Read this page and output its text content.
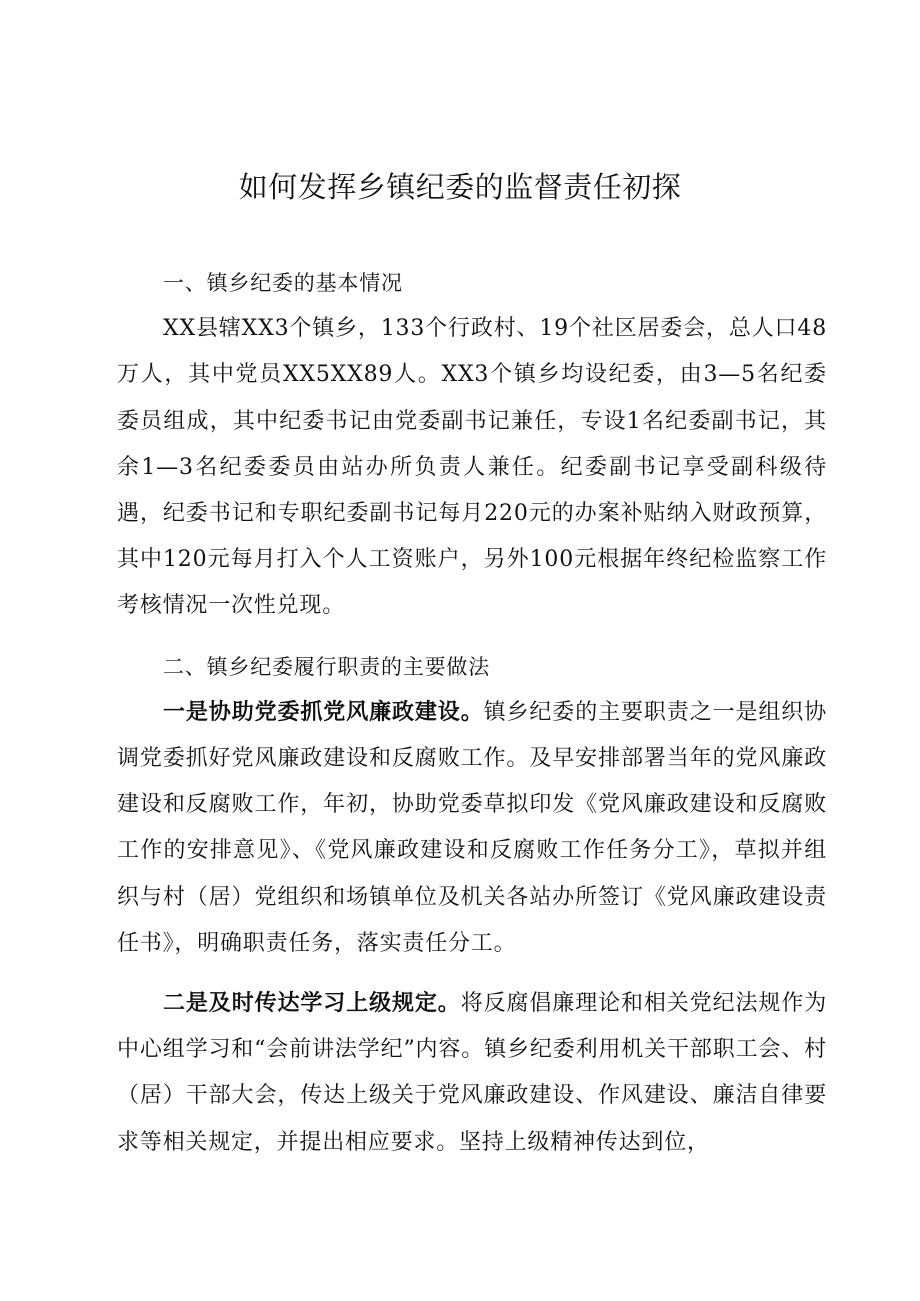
如何发挥乡镇纪委的监督责任初探

一、镇乡纪委的基本情况

XX县辖XX3个镇乡，133个行政村、19个社区居委会，总人口48万人，其中党员XX5XX89人。XX3个镇乡均设纪委，由3—5名纪委委员组成，其中纪委书记由党委副书记兼任，专设1名纪委副书记，其余1—3名纪委委员由站办所负责人兼任。纪委副书记享受副科级待遇，纪委书记和专职纪委副书记每月220元的办案补贴纳入财政预算，其中120元每月打入个人工资账户，另外100元根据年终纪检监察工作考核情况一次性兑现。

二、镇乡纪委履行职责的主要做法

一是协助党委抓党风廉政建设。镇乡纪委的主要职责之一是组织协调党委抓好党风廉政建设和反腐败工作。及早安排部署当年的党风廉政建设和反腐败工作，年初，协助党委草拟印发《党风廉政建设和反腐败工作的安排意见》、《党风廉政建设和反腐败工作任务分工》，草拟并组织与村（居）党组织和场镇单位及机关各站办所签订《党风廉政建设责任书》，明确职责任务，落实责任分工。

二是及时传达学习上级规定。将反腐倡廉理论和相关党纪法规作为中心组学习和“会前讲法学纪”内容。镇乡纪委利用机关干部职工会、村（居）干部大会，传达上级关于党风廉政建设、作风建设、廉洁自律要求等相关规定，并提出相应要求。坚持上级精神传达到位，
